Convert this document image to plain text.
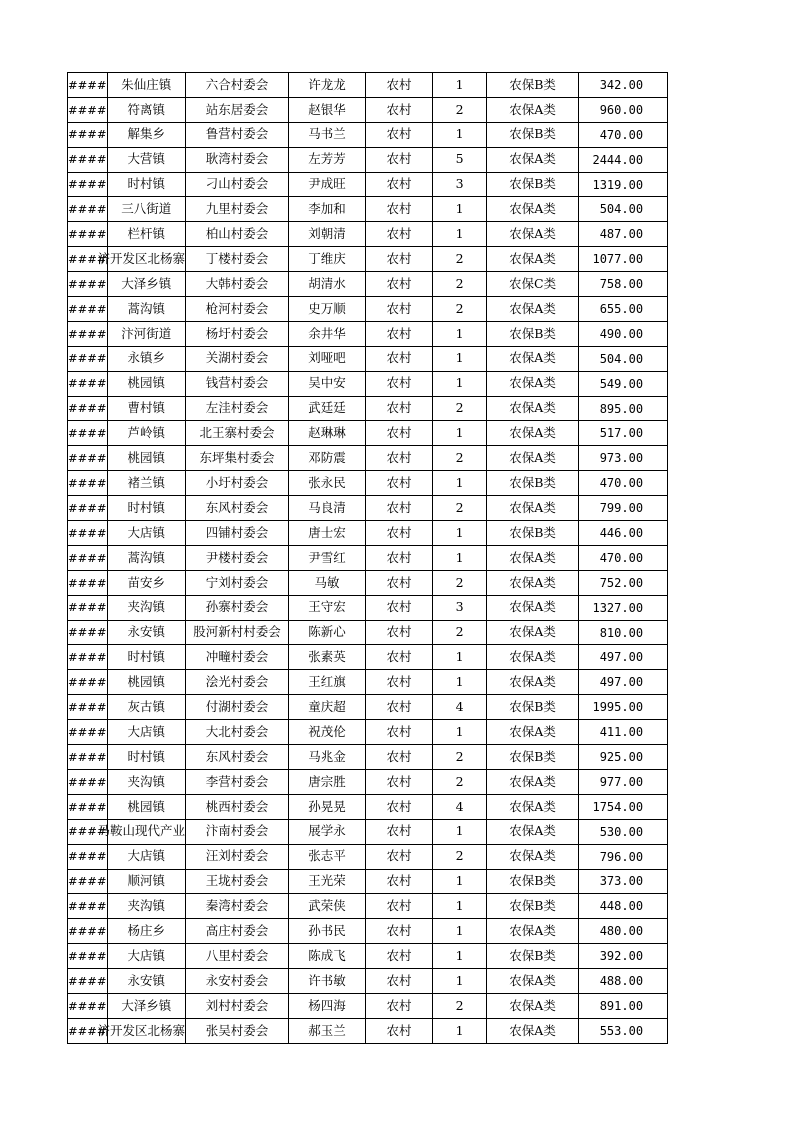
####	朱仙庄镇	六合村委会	许龙龙	农村	1	农保B类	342.00
####	符离镇	站东居委会	赵银华	农村	2	农保A类	960.00
####	解集乡	鲁营村委会	马书兰	农村	1	农保B类	470.00
####	大营镇	耿湾村委会	左芳芳	农村	5	农保A类	2444.00
####	时村镇	刁山村委会	尹成旺	农村	3	农保B类	1319.00
####	三八街道	九里村委会	李加和	农村	1	农保A类	504.00
####	栏杆镇	柏山村委会	刘朝清	农村	1	农保A类	487.00
####	济开发区北杨寨	丁楼村委会	丁维庆	农村	2	农保A类	1077.00
####	大泽乡镇	大韩村委会	胡清水	农村	2	农保C类	758.00
####	蒿沟镇	枪河村委会	史万顺	农村	2	农保A类	655.00
####	汴河街道	杨圩村委会	余井华	农村	1	农保B类	490.00
####	永镇乡	关湖村委会	刘哑吧	农村	1	农保A类	504.00
####	桃园镇	钱营村委会	吴中安	农村	1	农保A类	549.00
####	曹村镇	左洼村委会	武廷廷	农村	2	农保A类	895.00
####	芦岭镇	北王寨村委会	赵琳琳	农村	1	农保A类	517.00
####	桃园镇	东坪集村委会	邓防震	农村	2	农保A类	973.00
####	褚兰镇	小圩村委会	张永民	农村	1	农保B类	470.00
####	时村镇	东风村委会	马良清	农村	2	农保A类	799.00
####	大店镇	四铺村委会	唐士宏	农村	1	农保B类	446.00
####	蒿沟镇	尹楼村委会	尹雪红	农村	1	农保A类	470.00
####	苗安乡	宁刘村委会	马敏	农村	2	农保A类	752.00
####	夹沟镇	孙寨村委会	王守宏	农村	3	农保A类	1327.00
####	永安镇	股河新村村委会	陈新心	农村	2	农保A类	810.00
####	时村镇	冲疃村委会	张素英	农村	1	农保A类	497.00
####	桃园镇	浍光村委会	王红旗	农村	1	农保A类	497.00
####	灰古镇	付湖村委会	童庆超	农村	4	农保B类	1995.00
####	大店镇	大北村委会	祝茂伦	农村	1	农保A类	411.00
####	时村镇	东风村委会	马兆金	农村	2	农保B类	925.00
####	夹沟镇	李营村委会	唐宗胜	农村	2	农保A类	977.00
####	桃园镇	桃西村委会	孙晃晃	农村	4	农保A类	1754.00
####	马鞍山现代产业	汴南村委会	展学永	农村	1	农保A类	530.00
####	大店镇	汪刘村委会	张志平	农村	2	农保A类	796.00
####	顺河镇	王垅村委会	王光荣	农村	1	农保B类	373.00
####	夹沟镇	秦湾村委会	武荣侠	农村	1	农保B类	448.00
####	杨庄乡	高庄村委会	孙书民	农村	1	农保A类	480.00
####	大店镇	八里村委会	陈成飞	农村	1	农保B类	392.00
####	永安镇	永安村委会	许书敏	农村	1	农保A类	488.00
####	大泽乡镇	刘村村委会	杨四海	农村	2	农保A类	891.00
####	济开发区北杨寨	张吴村委会	郝玉兰	农村	1	农保A类	553.00
